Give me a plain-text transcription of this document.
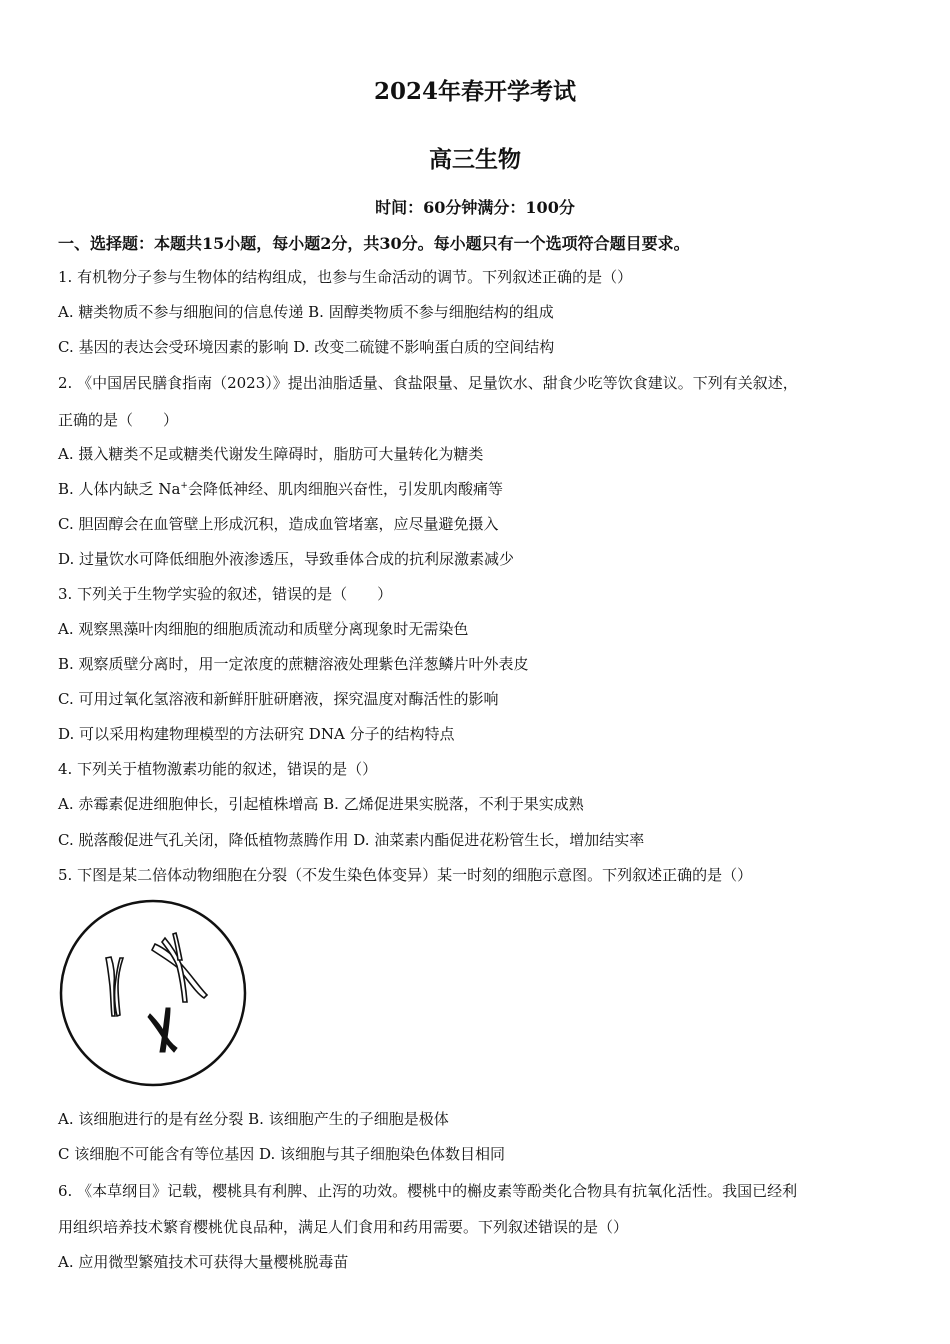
2024年春开学考试
高三生物
时间：60分钟满分：100分
一、选择题：本题共15小题，每小题2分，共30分。每小题只有一个选项符合题目要求。
1. 有机物分子参与生物体的结构组成，也参与生命活动的调节。下列叙述正确的是（）
A. 糖类物质不参与细胞间的信息传递 B. 固醇类物质不参与细胞结构的组成
C. 基因的表达会受环境因素的影响 D. 改变二硫键不影响蛋白质的空间结构
2. 《中国居民膳食指南（2023）》提出油脂适量、食盐限量、足量饮水、甜食少吃等饮食建议。下列有关叙述，
正确的是（　　）
A. 摄入糖类不足或糖类代谢发生障碍时，脂肪可大量转化为糖类
B. 人体内缺乏 Na+会降低神经、肌肉细胞兴奋性，引发肌肉酸痛等
C. 胆固醇会在血管壁上形成沉积，造成血管堵塞，应尽量避免摄入
D. 过量饮水可降低细胞外液渗透压，导致垂体合成的抗利尿激素减少
3. 下列关于生物学实验的叙述，错误的是（　　）
A. 观察黑藻叶肉细胞的细胞质流动和质壁分离现象时无需染色
B. 观察质壁分离时，用一定浓度的蔗糖溶液处理紫色洋葱鳞片叶外表皮
C. 可用过氧化氢溶液和新鲜肝脏研磨液，探究温度对酶活性的影响
D. 可以采用构建物理模型的方法研究 DNA 分子的结构特点
4. 下列关于植物激素功能的叙述，错误的是（）
A. 赤霉素促进细胞伸长，引起植株增高 B. 乙烯促进果实脱落，不利于果实成熟
C. 脱落酸促进气孔关闭，降低植物蒸腾作用 D. 油菜素内酯促进花粉管生长，增加结实率
5. 下图是某二倍体动物细胞在分裂（不发生染色体变异）某一时刻的细胞示意图。下列叙述正确的是（）
A. 该细胞进行的是有丝分裂 B. 该细胞产生的子细胞是极体
C 该细胞不可能含有等位基因 D. 该细胞与其子细胞染色体数目相同
6. 《本草纲目》记载，樱桃具有利脾、止泻的功效。樱桃中的槲皮素等酚类化合物具有抗氧化活性。我国已经利
用组织培养技术繁育樱桃优良品种，满足人们食用和药用需要。下列叙述错误的是（）
A. 应用微型繁殖技术可获得大量樱桃脱毒苗
